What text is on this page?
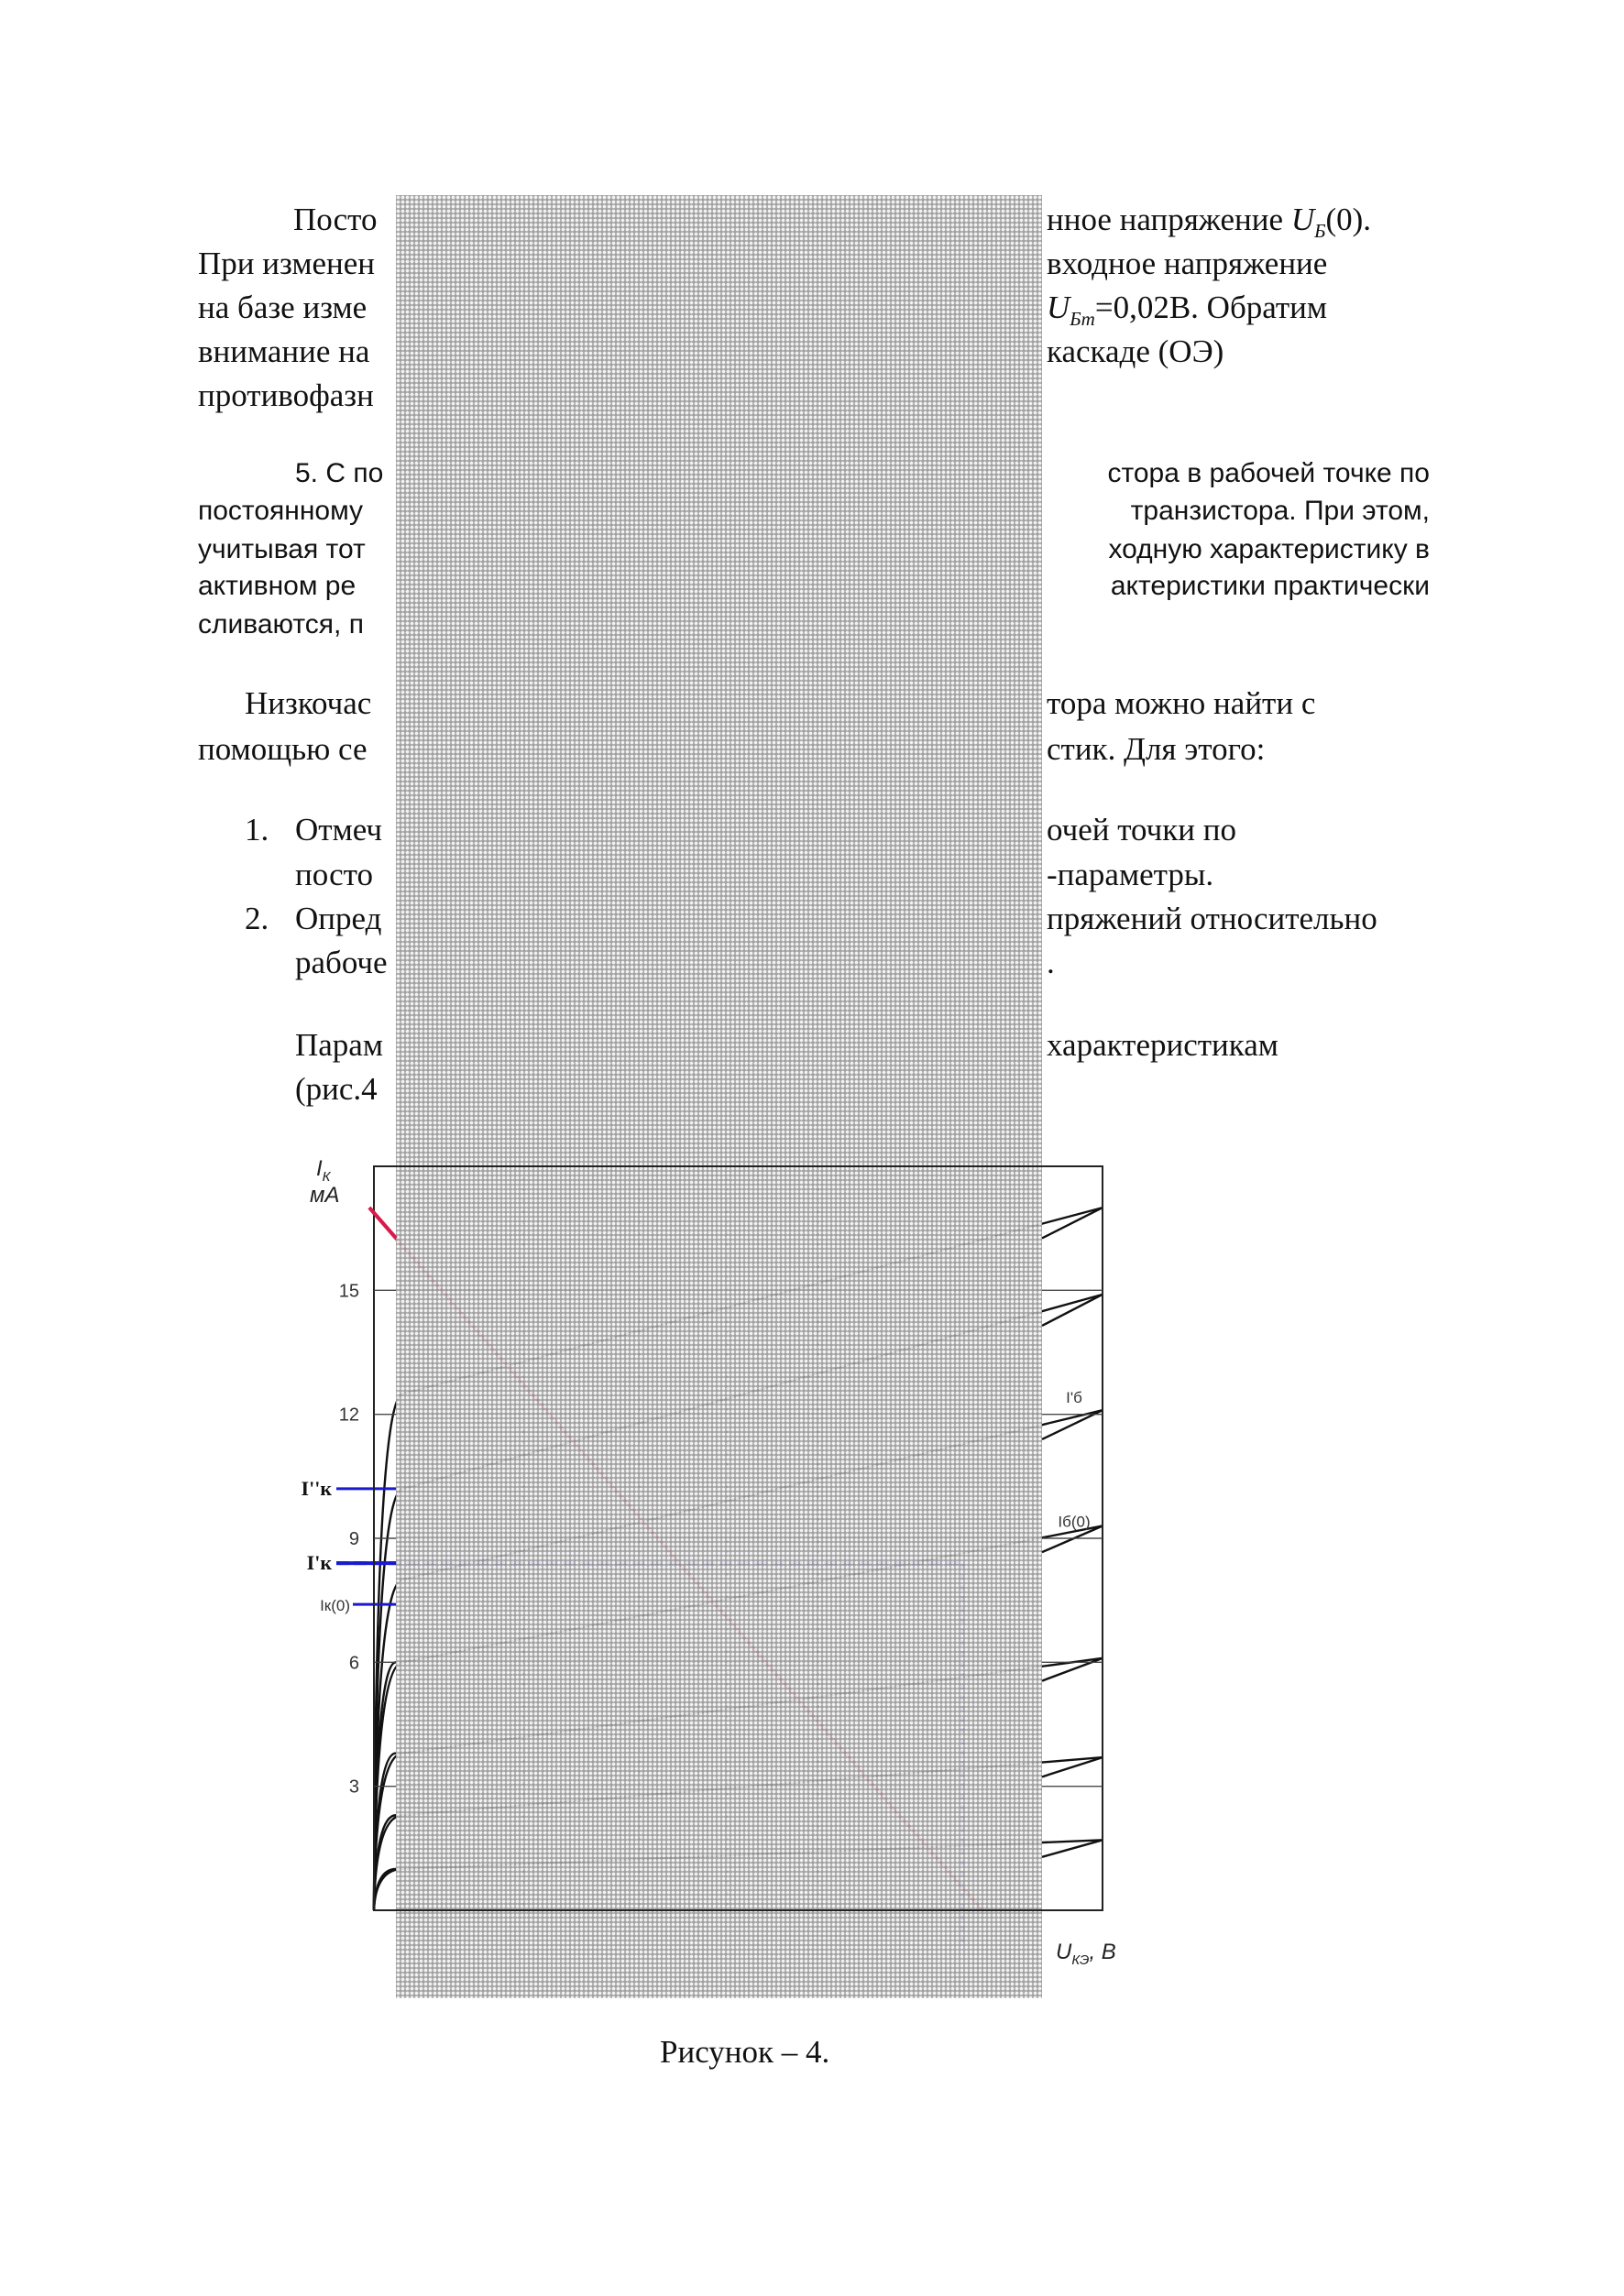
3
6
9
12
15
I''к
I'к
Iк(0)
I'б
Iб(0)
$I_К$
мА
$U_{КЭ}$, В
Посто	нное напряжение $U_Б(0)$.
При изменен	входное напряжение
на базе изме	$U_{Бm}=0,02В$. Обратим
внимание на	каскаде (ОЭ)
противофазн
5. С по	стора в рабочей точке по
постоянному	транзистора. При этом,
учитывая тот	ходную характеристику в
активном ре	актеристики практически
сливаются, п
Низкочас	тора можно найти с
помощью се	стик. Для этого:
1. Отмеч	очей точки по
посто	-параметры.
2. Опред	пряжений относительно
рабоче	.
Парам	характеристикам
(рис.4
Рисунок – 4.
